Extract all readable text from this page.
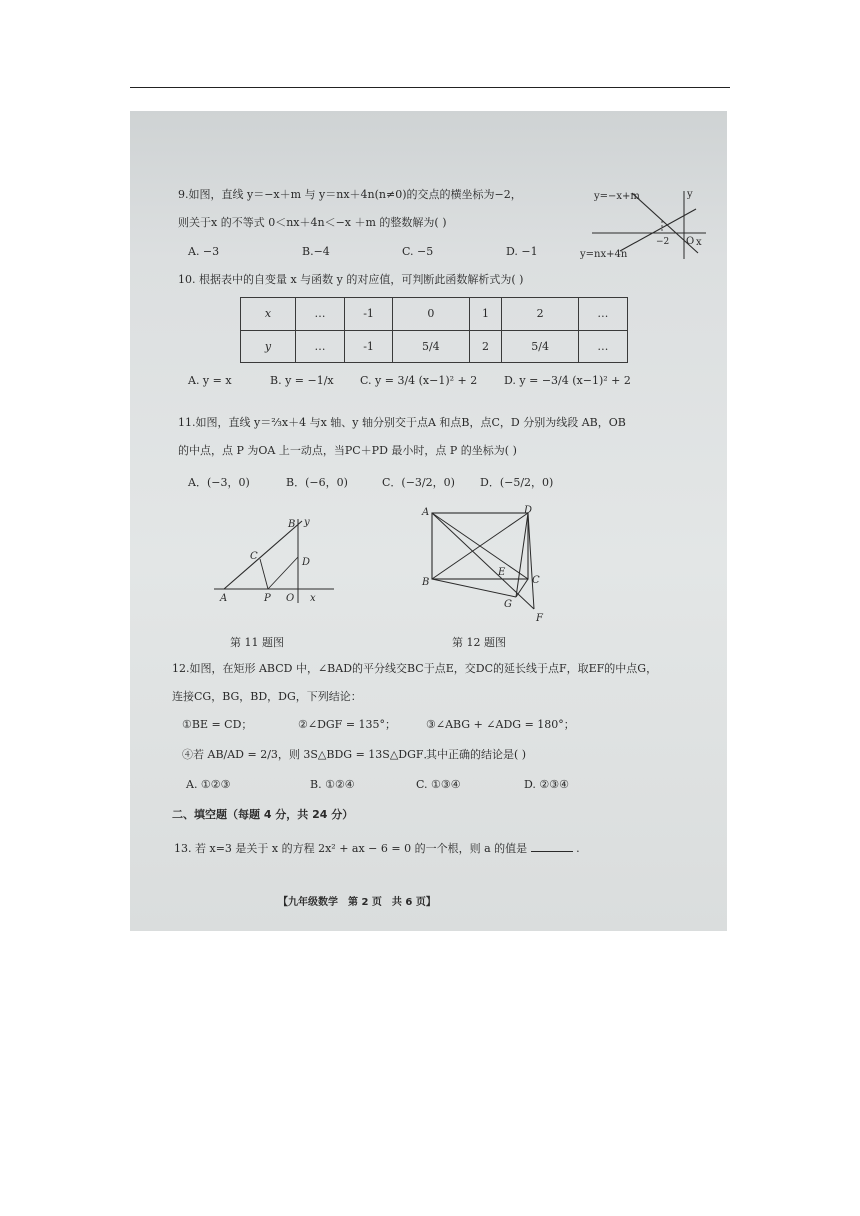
9.如图，直线 y＝−x＋m 与 y＝nx＋4n(n≠0)的交点的横坐标为−2，
则关于x 的不等式 0＜nx＋4n＜−x ＋m 的整数解为( )
A. −3	B.−4	C. −5	D. −1
y=−x+m
y=nx+4n
y
x
O
−2
10. 根据表中的自变量 x 与函数 y 的对应值，可判断此函数解析式为( )
x	…	-1	0	1	2	…
y	…	-1	5/4	2	5/4	…
A. y = x	B. y = −1/x C. y = 3/4 (x−1)² + 2 D. y = −3/4 (x−1)² + 2
11.如图，直线 y＝⅔x＋4 与x 轴、y 轴分别交于点A 和点B，点C，D 分别为线段 AB，OB
的中点，点 P 为OA 上一动点，当PC＋PD 最小时，点 P 的坐标为( )
A．(−3，0)	B．(−6，0)	C．(−3/2，0) D．(−5/2，0)
A
B
C
D
P O x
y
第 11 题图
A
B	C
D
E
F
G
第 12 题图
12.如图，在矩形 ABCD 中，∠BAD的平分线交BC于点E，交DC的延长线于点F，取EF的中点G，
连接CG，BG，BD，DG，下列结论：
①BE = CD；	②∠DGF = 135°；	③∠ABG + ∠ADG = 180°；
④若 AB/AD = 2/3，则 3S△BDG = 13S△DGF．
其中正确的结论是( )
A. ①②③	B. ①②④	C. ①③④	D. ②③④
二、填空题（每题 4 分，共 24 分）
13. 若 x=3 是关于 x 的方程 2x² + ax − 6 = 0 的一个根，则 a 的值是	.
【九年级数学　第 2 页　共 6 页】
